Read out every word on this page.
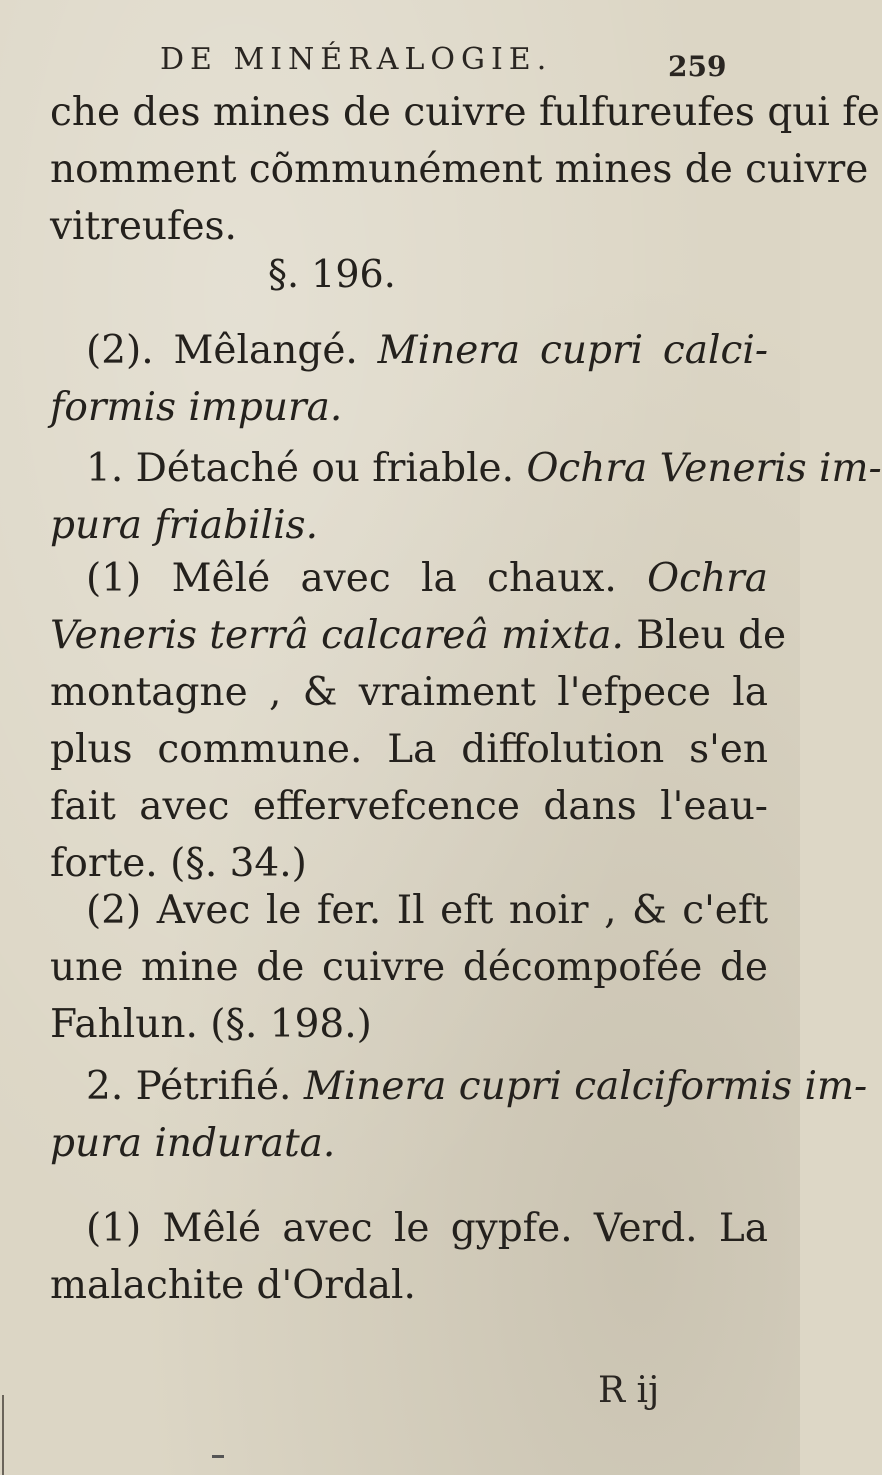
DE MINÉRALOGIE.	259
che des mines de cuivre fulfureufes qui fe
nomment cõmmunément mines de cuivre
vitreufes.
§. 196.
(2). Mêlangé. Minera cupri calci-
formis impura.
1. Détaché ou friable. Ochra Veneris im-
pura friabilis.
(1) Mêlé avec la chaux. Ochra
Veneris terrâ calcareâ mixta. Bleu de
montagne , & vraiment l'efpece la
plus commune. La diffolution s'en
fait avec effervefcence dans l'eau-
forte. (§. 34.)
(2) Avec le fer. Il eft noir , & c'eft
une mine de cuivre décompofée de
Fahlun. (§. 198.)
2. Pétrifié. Minera cupri calciformis im-
pura indurata.
(1) Mêlé avec le gypfe. Verd. La
malachite d'Ordal.
R ij
